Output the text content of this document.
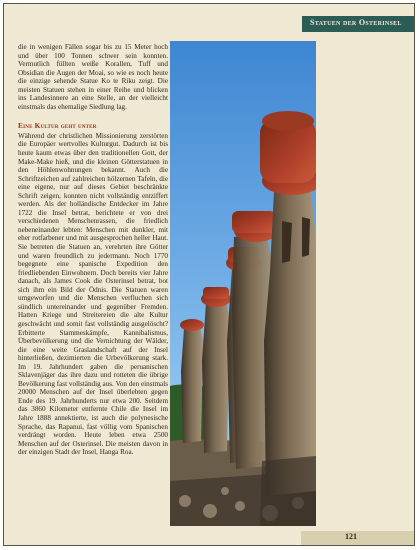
Statuen der Osterinsel

die in wenigen Fällen sogar bis zu 15 Meter hoch und über 100 Tonnen schwer sein konnten. Vermutlich füllten weiße Korallen, Tuff und Obsidian die Augen der Moai, so wie es noch heute die einzige sehende Statue Ko te Riku zeigt. Die meisten Statuen stehen in einer Reihe und blicken ins Landesinnere an eine Stelle, an der vielleicht einstmals das ehemalige Siedlung lag.

Eine Kultur geht unter

Während der christlichen Missionierung zerstörten die Europäer wertvolles Kulturgut. Dadurch ist bis heute kaum etwas über den traditionellen Gott, der Make-Make hieß, und die kleinen Götterstatuen in den Höhlenwohnungen bekannt. Auch die Schriftzeichen auf zahlreichen hölzernen Tafeln, die eine eigene, nur auf dieses Gebiet beschränkte Schrift zeigen, konnten nicht vollständig entziffert werden. Als der holländische Entdecker im Jahre 1722 die Insel betrat, berichtete er von drei verschiedenen Menschenrassen, die friedlich nebeneinander lebten: Menschen mit dunkler, mit eher rotfarbener und mit ausgesprochen heller Haut. Sie betreten die Statuen an, verehrten ihre Götter und waren freundlich zu jedermann. Noch 1770 begegnete eine spanische Expedition den friedliebenden Einwohnern. Doch bereits vier Jahre danach, als James Cook die Osterinsel betrat, bot sich ihm ein Bild der Ödnis. Die Statuen waren umgeworfen und die Menschen verfluchen sich sündlich untereinander und gegenüber Fremden. Hatten Kriege und Streitereien die alte Kultur geschwächt und somit fast vollständig ausgelöscht? Erbitterte Stammeskämpfe, Kannibalismus, Überbevölkerung und die Vernichtung der Wälder, die eine weite Graslandschaft auf der Insel hinterließen, dezimierten die Urbevölkerung stark. Im 19. Jahrhundert gaben die peruanischen Sklavenjäger das ihre dazu und rotteten die übrige Bevölkerung fast vollständig aus. Von den einstmals 20000 Menschen auf der Insel überlebten gegen Ende des 19. Jahrhunderts nur etwa 200. Seitdem das 3860 Kilometer entfernte Chile die Insel im Jahre 1888 annektierte, ist auch die polynesische Sprache, das Rapanui, fast völlig vom Spanischen verdrängt worden. Heute leben etwa 2500 Menschen auf der Osterinsel. Die meisten davon in der einzigen Stadt der Insel, Hanga Roa.

121
